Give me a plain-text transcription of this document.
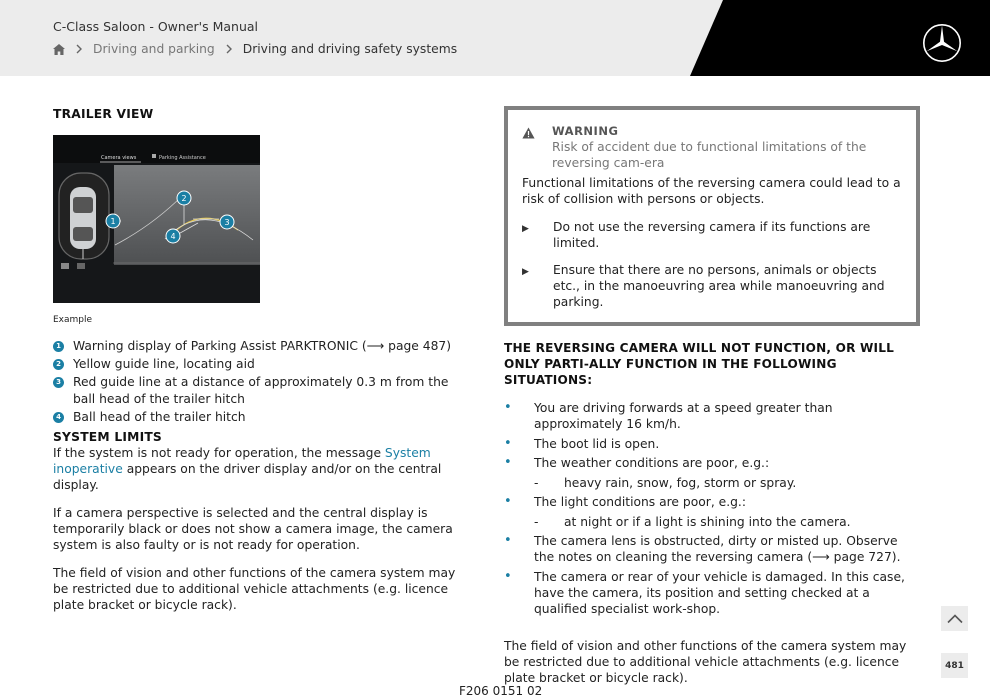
C-Class Saloon - Owner's Manual
Driving and parking Driving and driving safety systems
TRAILER VIEW
Camera views	Parking Assistance
1
2
3
4
Example
1 Warning display of Parking Assist PARKTRONIC (⟶ page 487)
2 Yellow guide line, locating aid
3 Red guide line at a distance of approximately 0.3 m from the ball head of the trailer hitch
4 Ball head of the trailer hitch
SYSTEM LIMITS

If the system is not ready for operation, the message System inoperative appears on the driver display and/or on the central display.

If a camera perspective is selected and the central display is temporarily black or does not show a camera image, the camera system is also faulty or is not ready for operation.

The field of vision and other functions of the camera system may be restricted due to additional vehicle attachments (e.g. licence plate bracket or bicycle rack).

WARNING
Risk of accident due to functional limitations of the reversing cam-era
Functional limitations of the reversing camera could lead to a risk of collision with persons or objects.
▶	Do not use the reversing camera if its functions are limited.
▶	Ensure that there are no persons, animals or objects etc., in the manoeuvring area while manoeuvring and parking.
THE REVERSING CAMERA WILL NOT FUNCTION, OR WILL ONLY PARTI-ALLY FUNCTION IN THE FOLLOWING SITUATIONS:
•
You are driving forwards at a speed greater than approximately 16 km/h.
•
The boot lid is open.
•
The weather conditions are poor, e.g.:
-	heavy rain, snow, fog, storm or spray.
•
The light conditions are poor, e.g.:
-	at night or if a light is shining into the camera.
•
The camera lens is obstructed, dirty or misted up. Observe the notes on cleaning the reversing camera (⟶ page 727).
•
The camera or rear of your vehicle is damaged. In this case, have the camera, its position and setting checked at a qualified specialist work-shop.

The field of vision and other functions of the camera system may be restricted due to additional vehicle attachments (e.g. licence plate bracket or bicycle rack).

481
F206 0151 02
